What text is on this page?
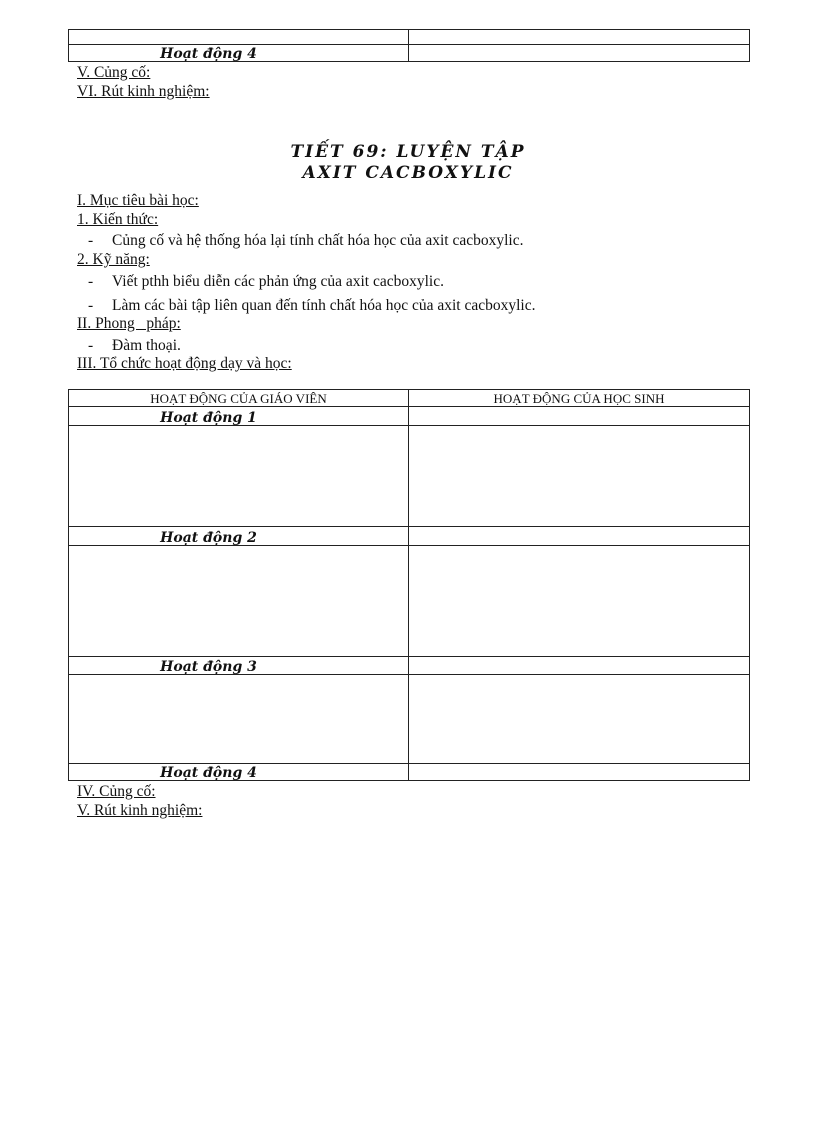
Hoạt động 4	
V. Củng cố:
VI. Rút kinh nghiệm:
TIẾT 69: LUYỆN TẬP
AXIT CACBOXYLIC
I. Mục tiêu bài học:
1. Kiến thức:
- Củng cố và hệ thống hóa lại tính chất hóa học của axit cacboxylic.
2. Kỹ năng:
- Viết pthh biểu diễn các phản ứng của axit cacboxylic.
- Làm các bài tập liên quan đến tính chất hóa học của axit cacboxylic.
II. Phong   pháp:
- Đàm thoại.
III. Tổ chức hoạt động dạy và học:
HOẠT ĐỘNG CỦA GIÁO VIÊN	HOẠT ĐỘNG CỦA HỌC SINH
Hoạt động 1	

Hoạt động 2	

Hoạt động 3	

Hoạt động 4	
IV. Củng cố:
V. Rút kinh nghiệm:
